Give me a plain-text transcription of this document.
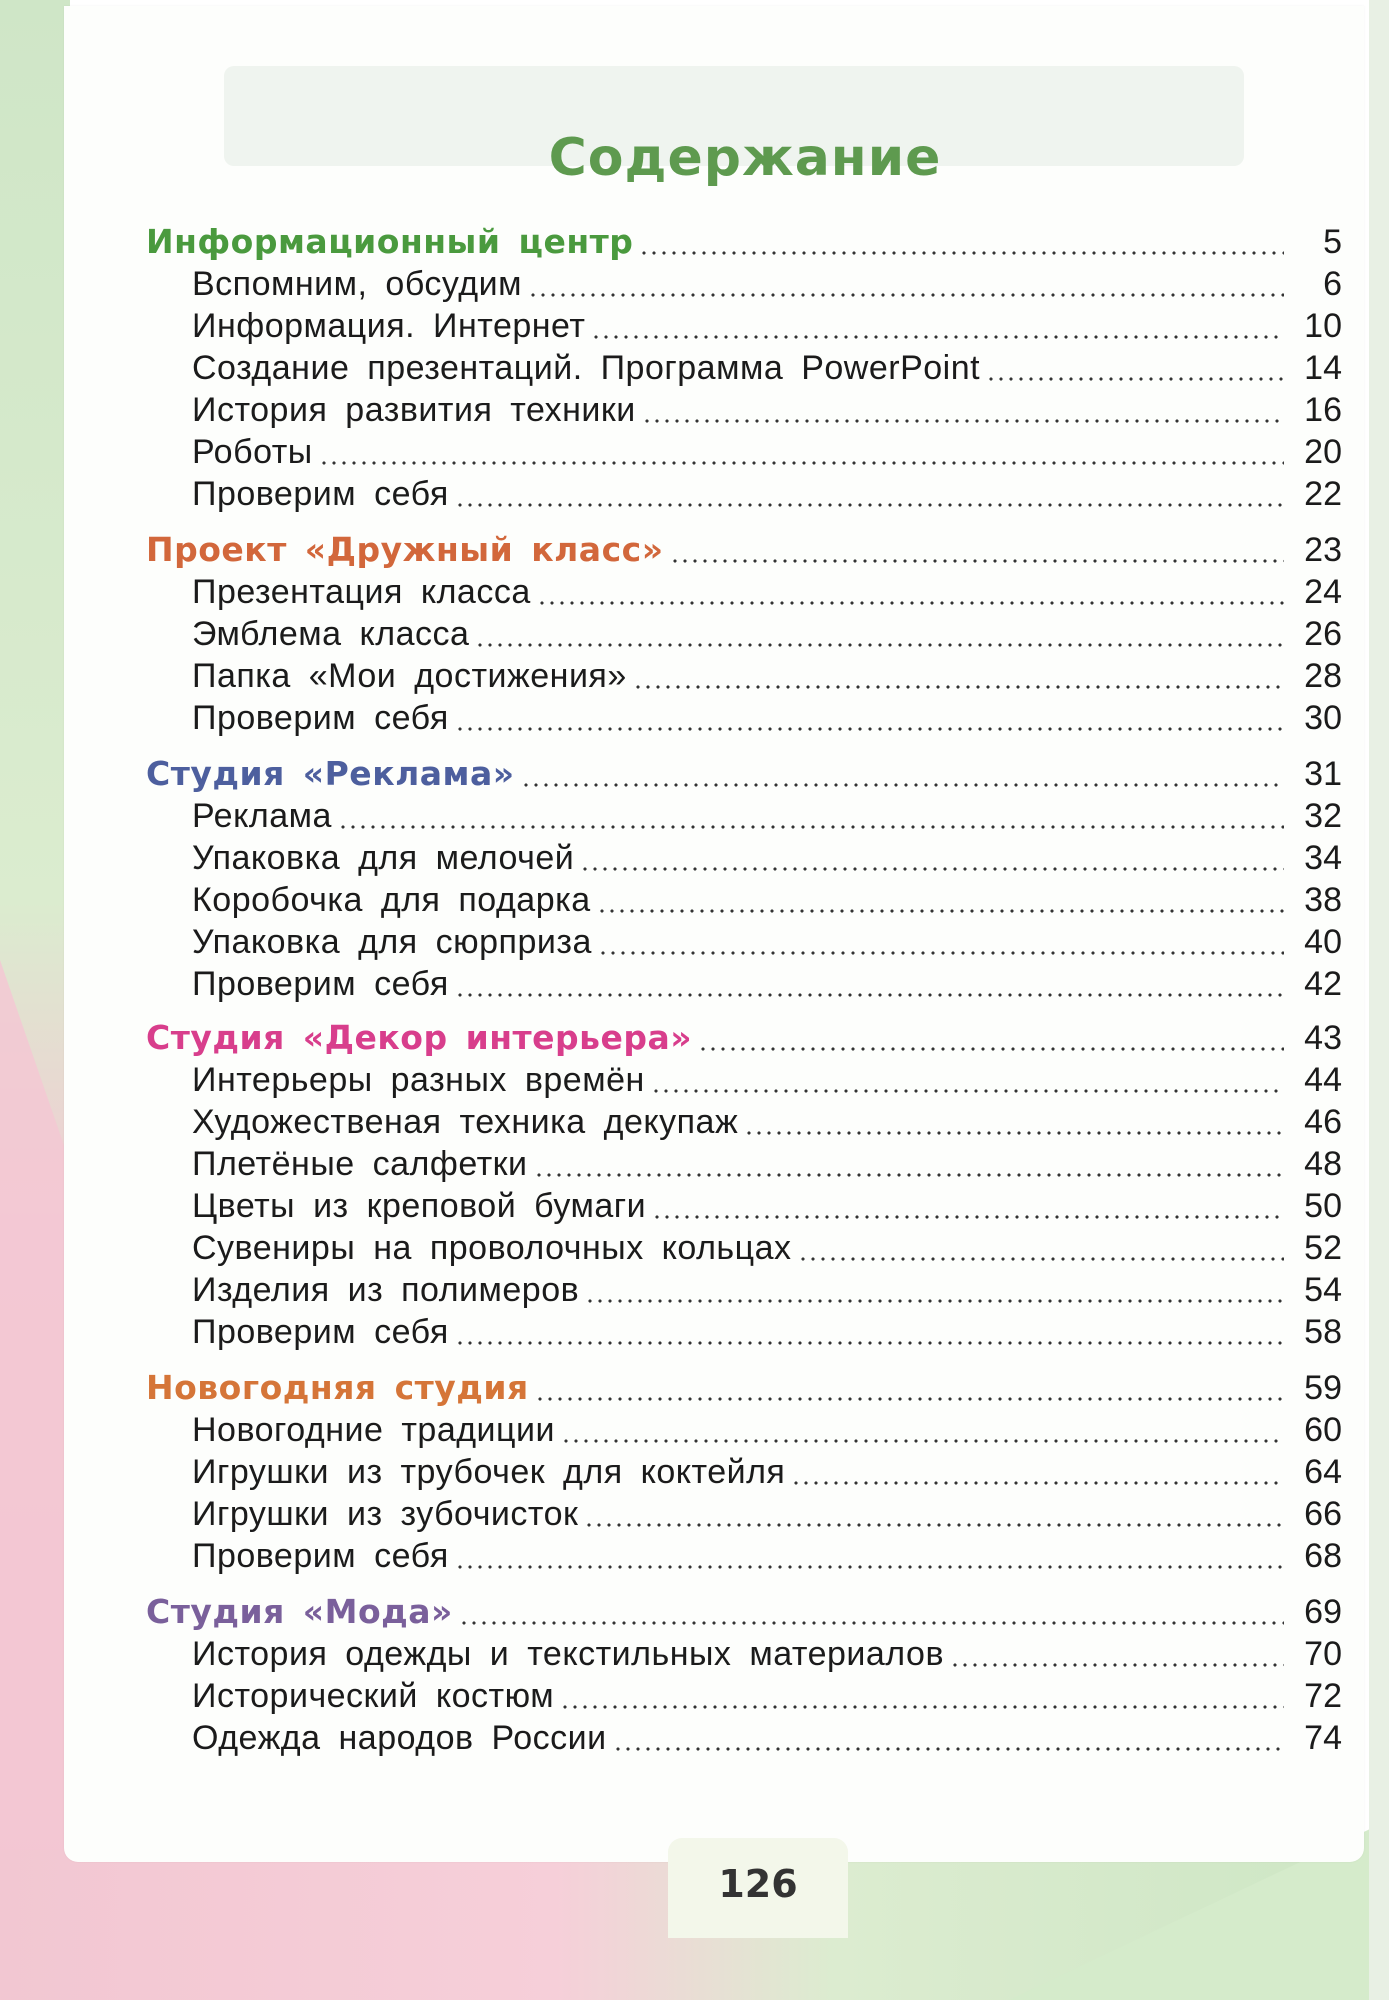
Содержание
Информационный центр	5
Вспомним, обсудим	6
Информация. Интернет	10
Создание презентаций. Программа PowerPoint	14
История развития техники	16
Роботы	20
Проверим себя	22
Проект «Дружный класс»	23
Презентация класса	24
Эмблема класса	26
Папка «Мои достижения»	28
Проверим себя	30
Студия «Реклама»	31
Реклама	32
Упаковка для мелочей	34
Коробочка для подарка	38
Упаковка для сюрприза	40
Проверим себя	42
Студия «Декор интерьера»	43
Интерьеры разных времён	44
Художественая техника декупаж	46
Плетёные салфетки	48
Цветы из креповой бумаги	50
Сувениры на проволочных кольцах	52
Изделия из полимеров	54
Проверим себя	58
Новогодняя студия	59
Новогодние традиции	60
Игрушки из трубочек для коктейля	64
Игрушки из зубочисток	66
Проверим себя	68
Студия «Мода»	69
История одежды и текстильных материалов	70
Исторический костюм	72
Одежда народов России	74
126
